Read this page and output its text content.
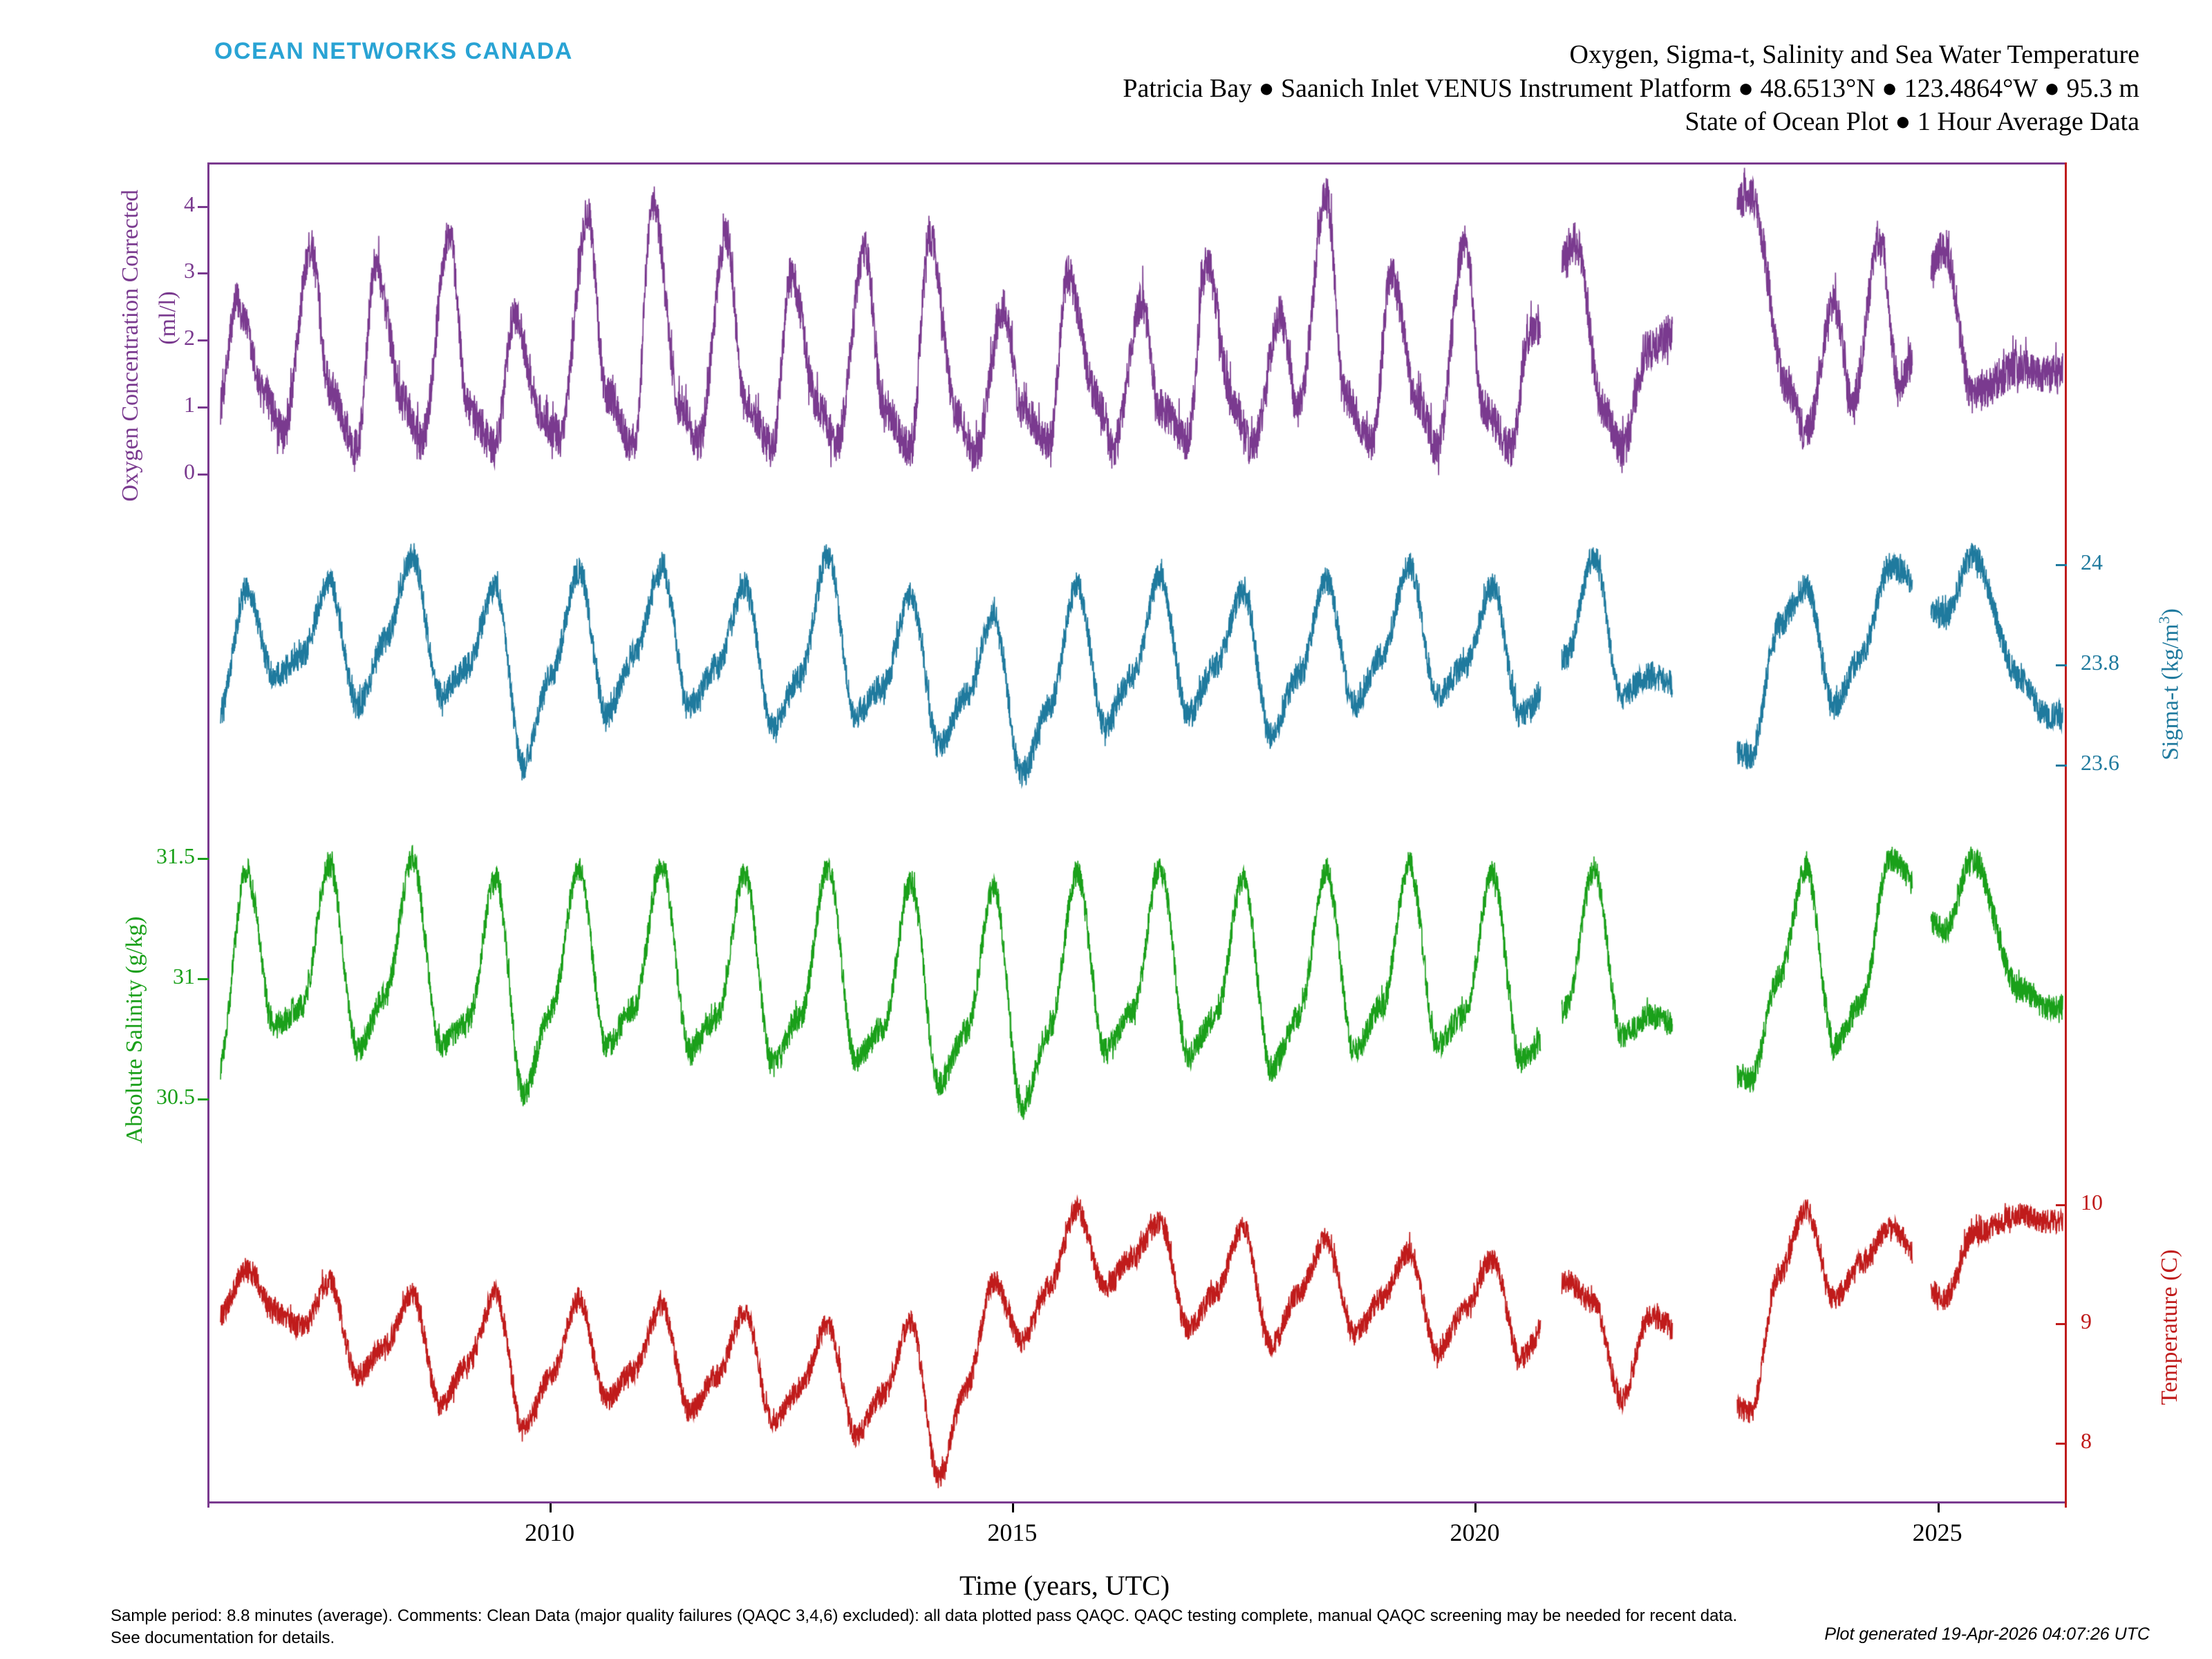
OCEAN NETWORKS CANADA	Oxygen, Sigma-t, Salinity and Sea Water Temperature
Patricia Bay ● Saanich Inlet VENUS Instrument Platform ● 48.6513°N ● 123.4864°W ● 95.3 m
State of Ocean Plot ● 1 Hour Average Data
Oxygen Concentration Corrected (ml/l)
Sigma-t $(kg/m^3)$
Absolute Salinity (g/kg)
Temperature (C)
Time (years, UTC)
2010	2015	2020	2025
0
1
2
3
4
23.6
23.8
24
30.5
31
31.5
8
9
10
Sample period: 8.8 minutes (average). Comments: Clean Data (major quality failures (QAQC 3,4,6) excluded): all data plotted pass QAQC. QAQC testing complete, manual QAQC screening may be needed for recent data. See documentation for details.	Plot generated 19-Apr-2026 04:07:26 UTC
